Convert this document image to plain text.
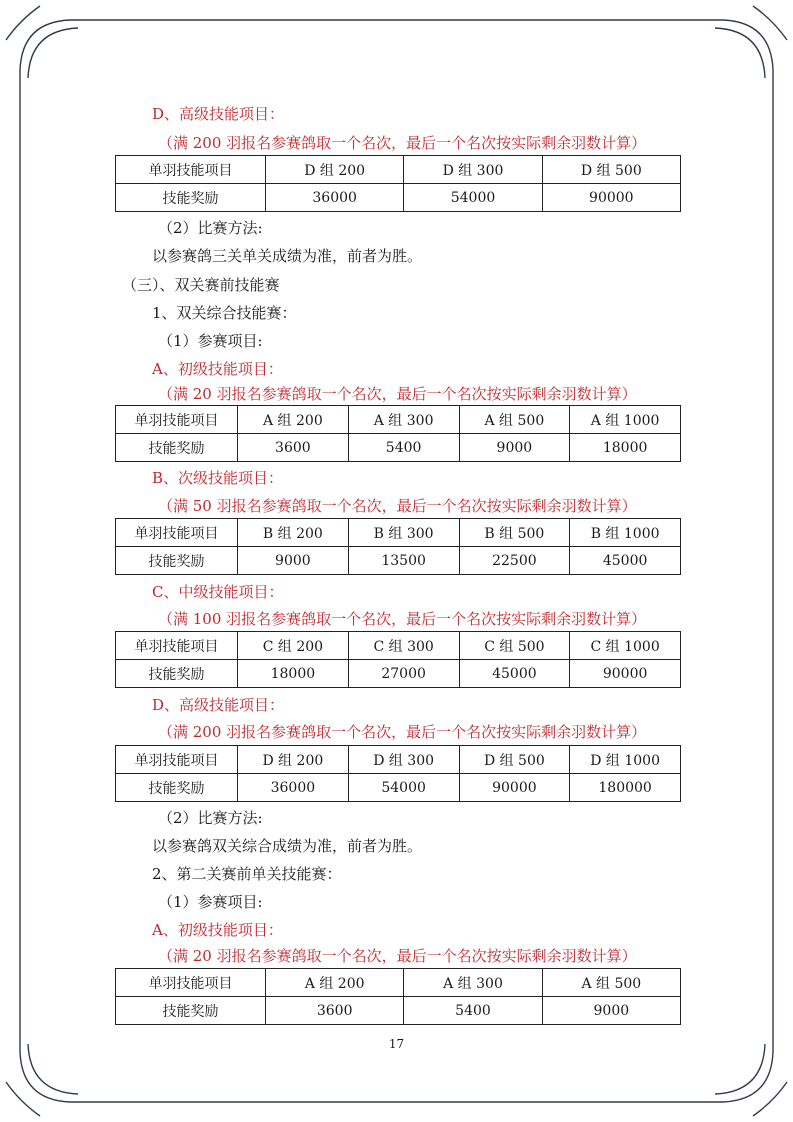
D、高级技能项目：
（满 200 羽报名参赛鸽取一个名次，最后一个名次按实际剩余羽数计算）
单羽技能项目	D 组 200	D 组 300	D 组 500
技能奖励	36000	54000	90000
（2）比赛方法:
以参赛鸽三关单关成绩为准，前者为胜。
（三）、双关赛前技能赛
1、双关综合技能赛：
（1）参赛项目:
A、初级技能项目：
（满 20 羽报名参赛鸽取一个名次，最后一个名次按实际剩余羽数计算）
单羽技能项目	A 组 200	A 组 300	A 组 500	A 组 1000
技能奖励	3600	5400	9000	18000
B、次级技能项目：
（满 50 羽报名参赛鸽取一个名次，最后一个名次按实际剩余羽数计算）
单羽技能项目	B 组 200	B 组 300	B 组 500	B 组 1000
技能奖励	9000	13500	22500	45000
C、中级技能项目：
（满 100 羽报名参赛鸽取一个名次，最后一个名次按实际剩余羽数计算）
单羽技能项目	C 组 200	C 组 300	C 组 500	C 组 1000
技能奖励	18000	27000	45000	90000
D、高级技能项目：
（满 200 羽报名参赛鸽取一个名次，最后一个名次按实际剩余羽数计算）
单羽技能项目	D 组 200	D 组 300	D 组 500	D 组 1000
技能奖励	36000	54000	90000	180000
（2）比赛方法:
以参赛鸽双关综合成绩为准，前者为胜。
2、第二关赛前单关技能赛：
（1）参赛项目:
A、初级技能项目：
（满 20 羽报名参赛鸽取一个名次，最后一个名次按实际剩余羽数计算）
单羽技能项目	A 组 200	A 组 300	A 组 500
技能奖励	3600	5400	9000
17
